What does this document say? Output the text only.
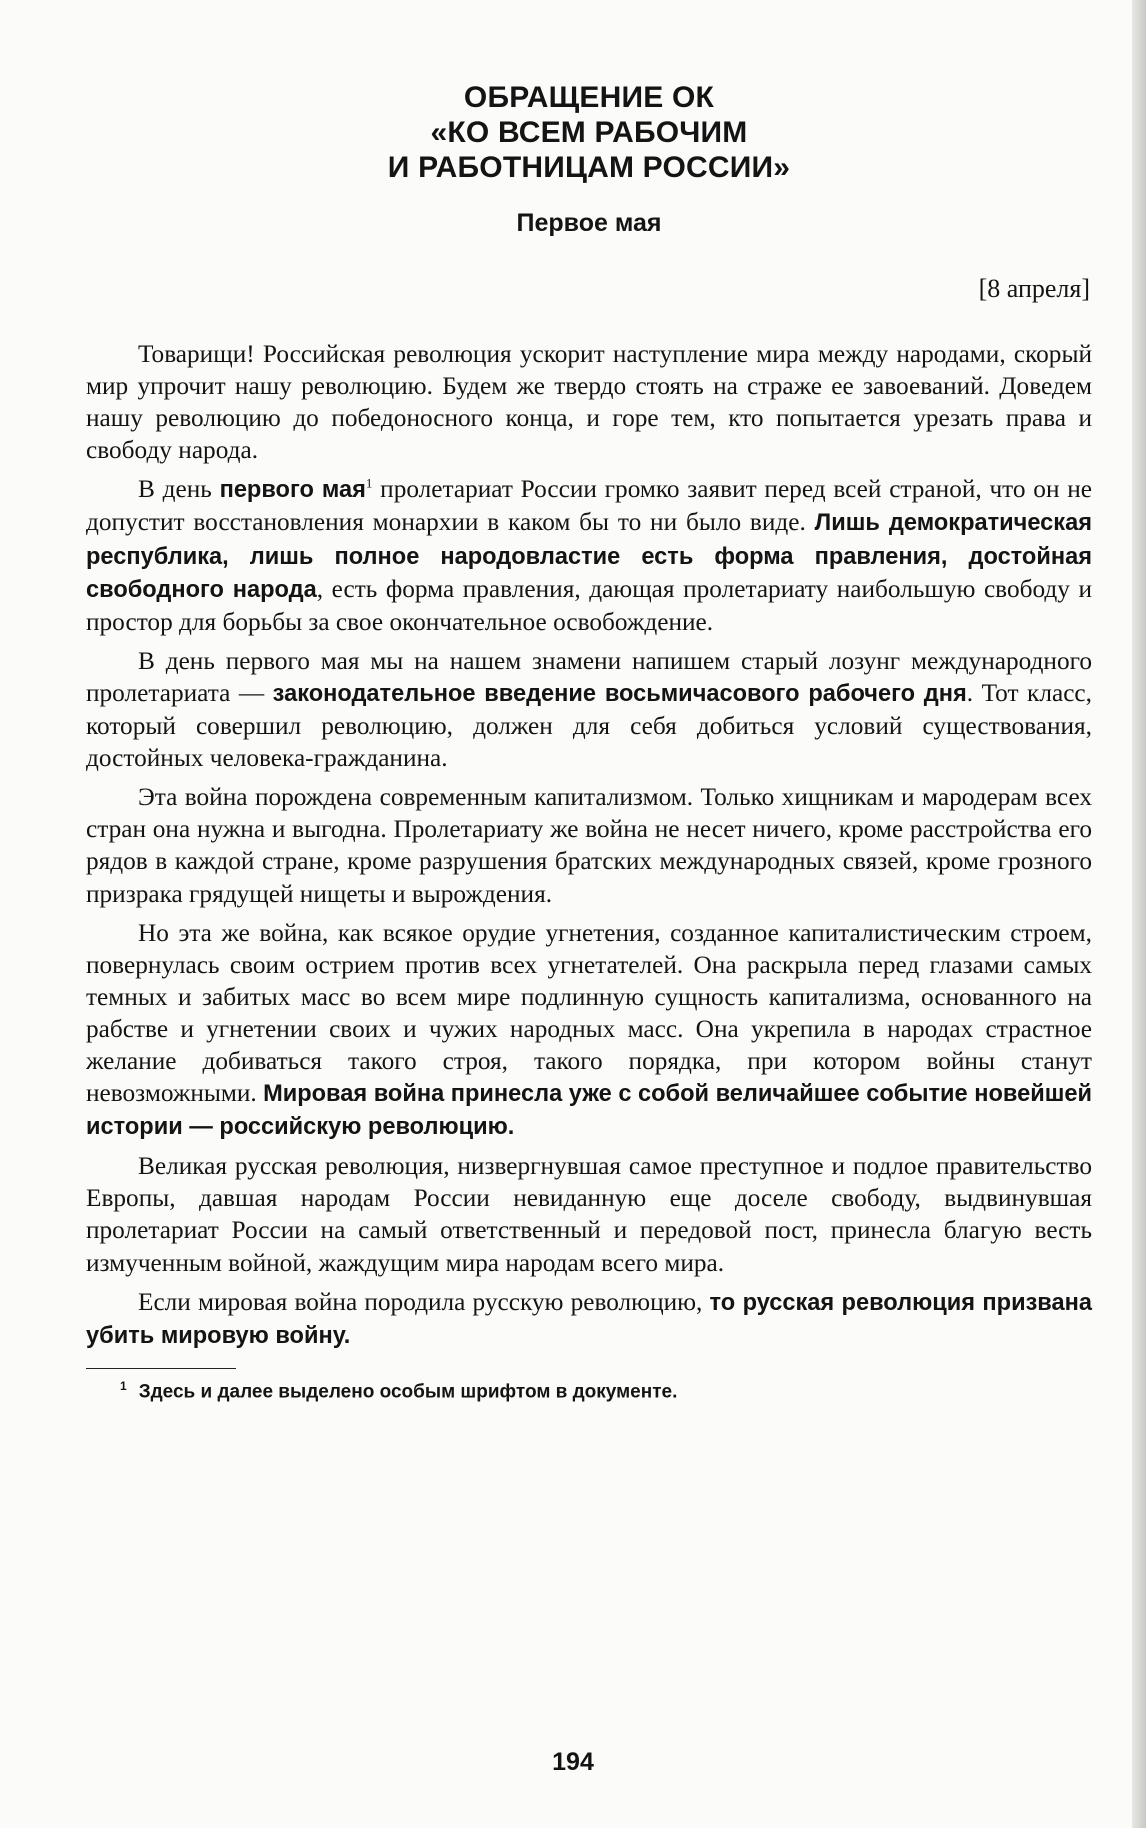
ОБРАЩЕНИЕ ОК
«КО ВСЕМ РАБОЧИМ
И РАБОТНИЦАМ РОССИИ»
Первое мая
[8 апреля]

Товарищи! Российская революция ускорит наступление мира между народами, скорый мир упрочит нашу революцию. Будем же твердо стоять на страже ее завоеваний. Доведем нашу революцию до победоносного конца, и горе тем, кто попытается урезать права и свободу народа.

В день первого мая$^1$ пролетариат России громко заявит перед всей страной, что он не допустит восстановления монархии в каком бы то ни было виде. Лишь демократическая республика, лишь полное народовластие есть форма правления, достойная свободного народа, есть форма правления, дающая пролетариату наибольшую свободу и простор для борьбы за свое окончательное освобождение.

В день первого мая мы на нашем знамени напишем старый лозунг международного пролетариата — законодательное введение восьмичасового рабочего дня. Тот класс, который совершил революцию, должен для себя добиться условий существования, достойных человека-гражданина.

Эта война порождена современным капитализмом. Только хищникам и мародерам всех стран она нужна и выгодна. Пролетариату же война не несет ничего, кроме расстройства его рядов в каждой стране, кроме разрушения братских международных связей, кроме грозного призрака грядущей нищеты и вырождения.

Но эта же война, как всякое орудие угнетения, созданное капиталистическим строем, повернулась своим острием против всех угнетателей. Она раскрыла перед глазами самых темных и забитых масс во всем мире подлинную сущность капитализма, основанного на рабстве и угнетении своих и чужих народных масс. Она укрепила в народах страстное желание добиваться такого строя, такого порядка, при котором войны станут невозможными. Мировая война принесла уже с собой величайшее событие новейшей истории — российскую революцию.

Великая русская революция, низвергнувшая самое преступное и подлое правительство Европы, давшая народам России невиданную еще доселе свободу, выдвинувшая пролетариат России на самый ответственный и передовой пост, принесла благую весть измученным войной, жаждущим мира народам всего мира.

Если мировая война породила русскую революцию, то русская революция призвана убить мировую войну.

$^1$ Здесь и далее выделено особым шрифтом в документе.
194
